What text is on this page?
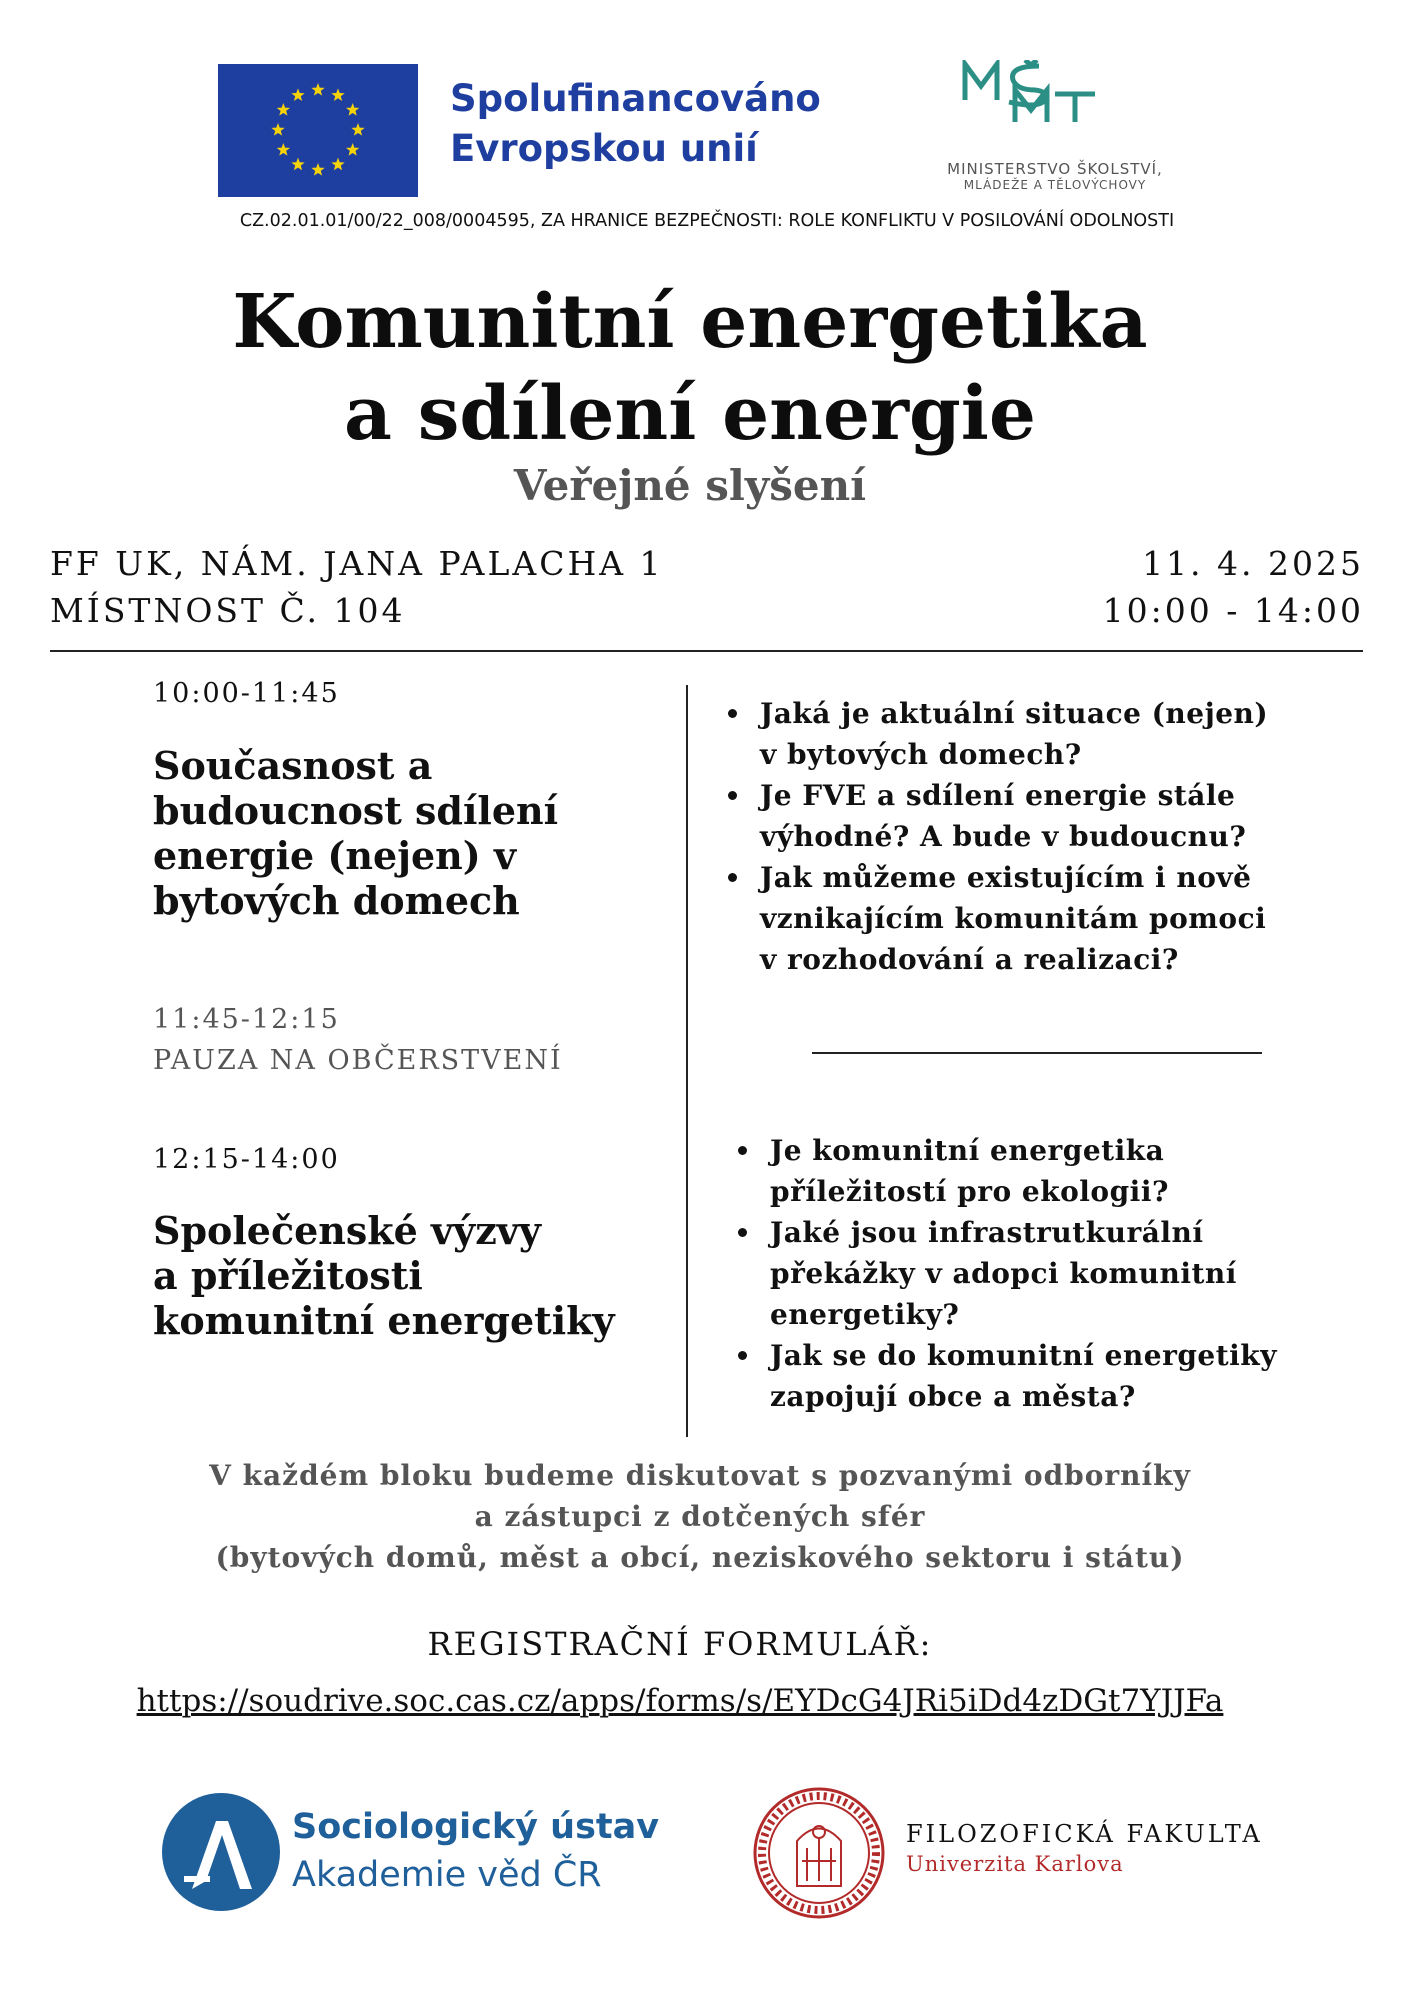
Spolufinancováno
Evropskou unií	MINISTERSTVO ŠKOLSTVÍ,
MLÁDEŽE A TĚLOVÝCHOVY
CZ.02.01.01/00/22_008/0004595, ZA HRANICE BEZPEČNOSTI: ROLE KONFLIKTU V POSILOVÁNÍ ODOLNOSTI
Komunitní energetika
a sdílení energie
Veřejné slyšení
FF UK, NÁM. JANA PALACHA 1
MÍSTNOST Č. 104
11. 4. 2025
10:00 - 14:00
10:00-11:45
Současnost a
budoucnost sdílení
energie (nejen) v
bytových domech
Jaká je aktuální situace (nejen)
v bytových domech?
Je FVE a sdílení energie stále
výhodné? A bude v budoucnu?
Jak můžeme existujícím i nově
vznikajícím komunitám pomoci
v rozhodování a realizaci?
11:45-12:15
PAUZA NA OBČERSTVENÍ
12:15-14:00
Společenské výzvy
a příležitosti
komunitní energetiky
Je komunitní energetika
příležitostí pro ekologii?
Jaké jsou infrastrutkurální
překážky v adopci komunitní
energetiky?
Jak se do komunitní energetiky
zapojují obce a města?
V každém bloku budeme diskutovat s pozvanými odborníky
a zástupci z dotčených sfér
(bytových domů, měst a obcí, neziskového sektoru i státu)
REGISTRAČNÍ FORMULÁŘ:
https://soudrive.soc.cas.cz/apps/forms/s/EYDcG4JRi5iDd4zDGt7YJJFa
Sociologický ústav
Akademie věd ČR
FILOZOFICKÁ FAKULTA
Univerzita Karlova
